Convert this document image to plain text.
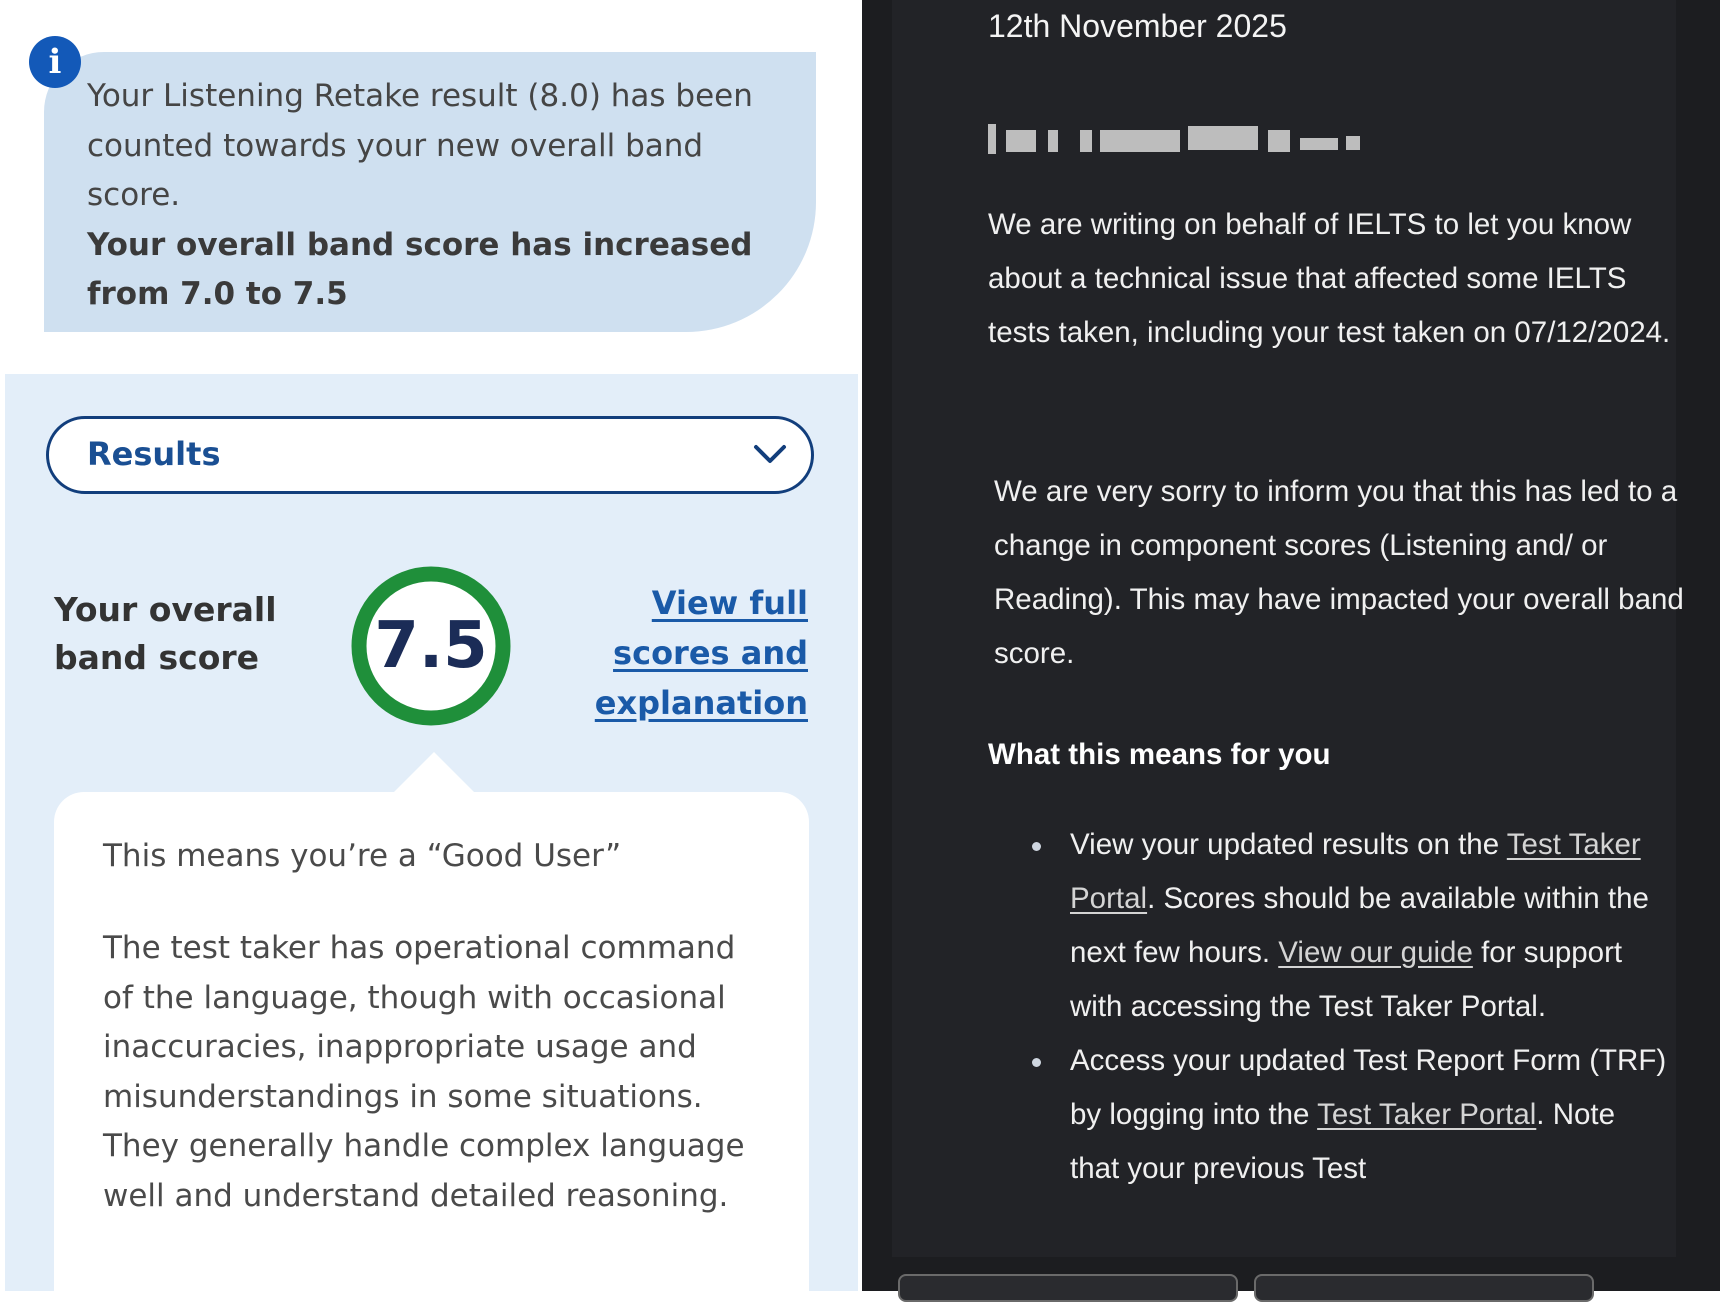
Your Listening Retake result (8.0) has been counted towards your new overall band score.
Your overall band score has increased from 7.0 to 7.5
i
Results
Your overall band score	7.5
View full scores and explanation
This means you’re a “Good User”
The test taker has operational command of the language, though with occasional inaccuracies, inappropriate usage and misunderstandings in some situations. They generally handle complex language well and understand detailed reasoning.
12th November 2025
We are writing on behalf of IELTS to let you know about a technical issue that affected some IELTS tests taken, including your test taken on 07/12/2024.
We are very sorry to inform you that this has led to a change in component scores (Listening and/ or Reading). This may have impacted your overall band score.
What this means for you
View your updated results on the Test Taker Portal. Scores should be available within the next few hours. View our guide for support with accessing the Test Taker Portal.
Access your updated Test Report Form (TRF) by logging into the Test Taker Portal. Note that your previous Test
